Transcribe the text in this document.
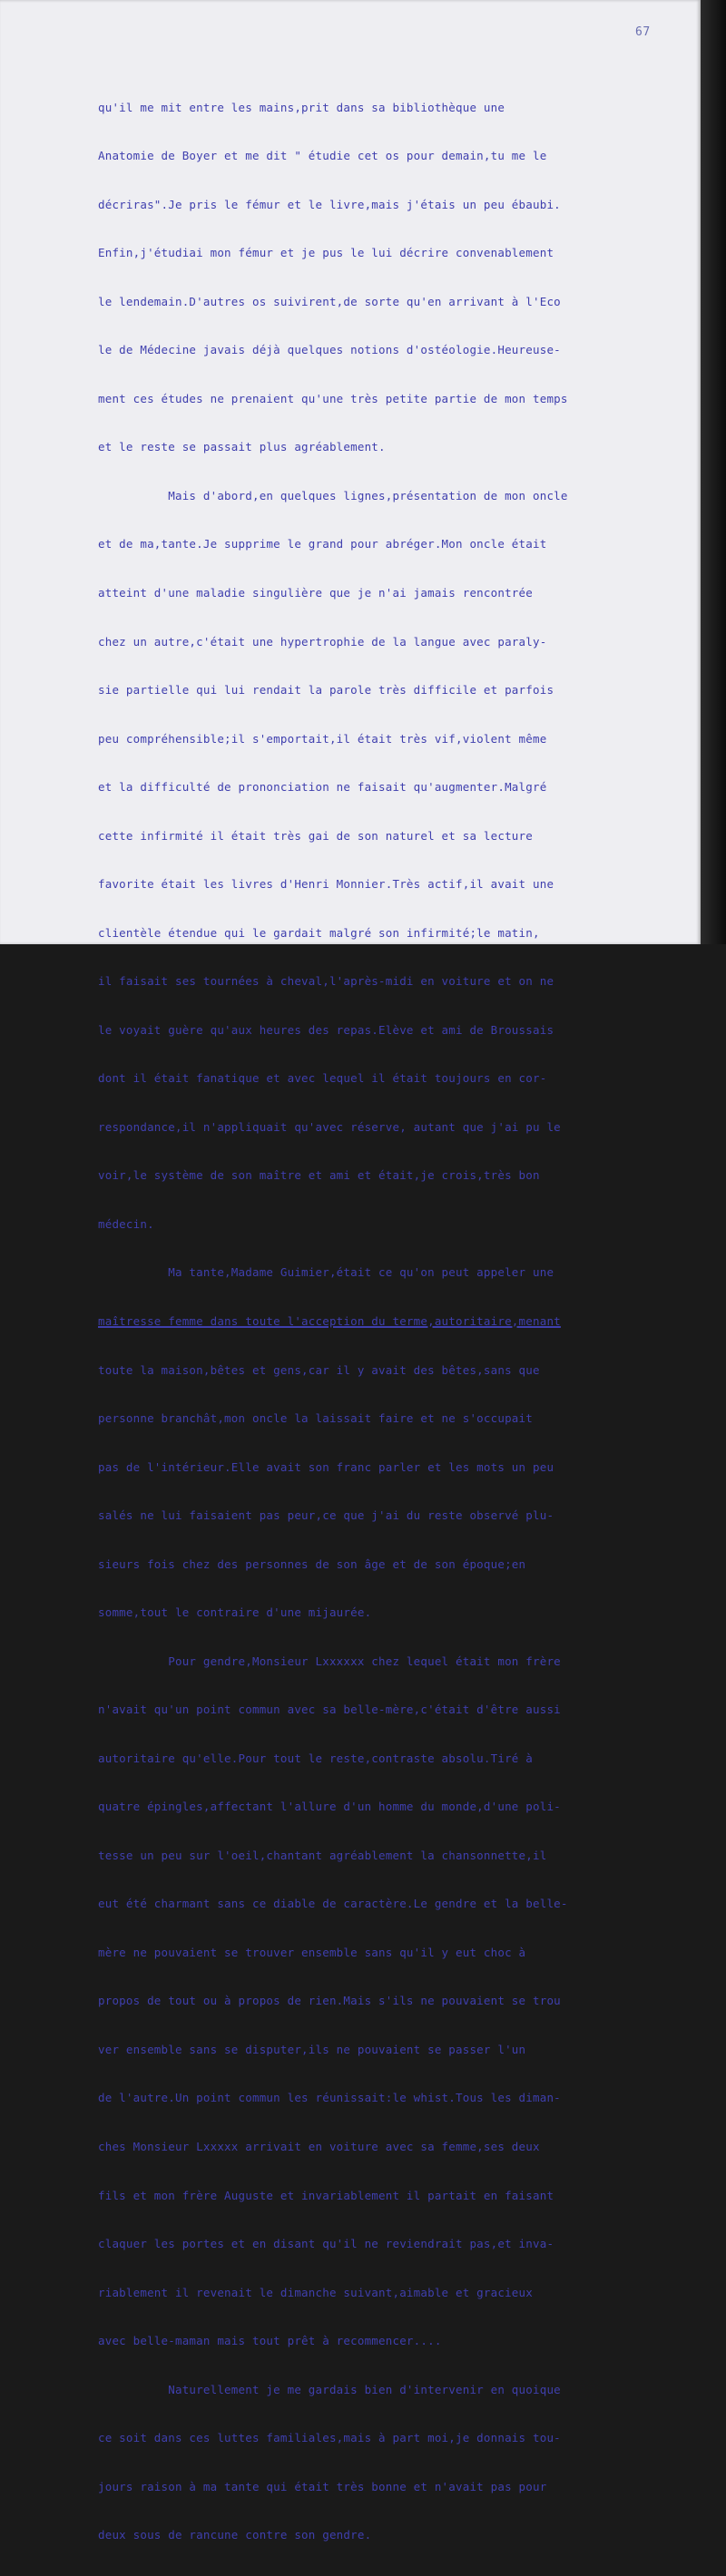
67

qu'il me mit entre les mains,prit dans sa bibliothèque une

Anatomie de Boyer et me dit " étudie cet os pour demain,tu me le

décriras".Je pris le fémur et le livre,mais j'étais un peu ébaubi.

Enfin,j'étudiai mon fémur et je pus le lui décrire convenablement

le lendemain.D'autres os suivirent,de sorte qu'en arrivant à l'Eco

le de Médecine javais déjà quelques notions d'ostéologie.Heureuse-

ment ces études ne prenaient qu'une très petite partie de mon temps

et le reste se passait plus agréablement.

Mais d'abord,en quelques lignes,présentation de mon oncle

et de ma,tante.Je supprime le grand pour abréger.Mon oncle était

atteint d'une maladie singulière que je n'ai jamais rencontrée

chez un autre,c'était une hypertrophie de la langue avec paraly-

sie partielle qui lui rendait la parole très difficile et parfois

peu compréhensible;il s'emportait,il était très vif,violent même

et la difficulté de prononciation ne faisait qu'augmenter.Malgré

cette infirmité il était très gai de son naturel et sa lecture

favorite était les livres d'Henri Monnier.Très actif,il avait une

clientèle étendue qui le gardait malgré son infirmité;le matin,

il faisait ses tournées à cheval,l'après-midi en voiture et on ne

le voyait guère qu'aux heures des repas.Elève et ami de Broussais

dont il était fanatique et avec lequel il était toujours en cor-

respondance,il n'appliquait qu'avec réserve, autant que j'ai pu le

voir,le système de son maître et ami et était,je crois,très bon

médecin.

Ma tante,Madame Guimier,était ce qu'on peut appeler une

maîtresse femme dans toute l'acception du terme,autoritaire,menant

toute la maison,bêtes et gens,car il y avait des bêtes,sans que

personne branchât,mon oncle la laissait faire et ne s'occupait

pas de l'intérieur.Elle avait son franc parler et les mots un peu

salés ne lui faisaient pas peur,ce que j'ai du reste observé plu-

sieurs fois chez des personnes de son âge et de son époque;en

somme,tout le contraire d'une mijaurée.

Pour gendre,Monsieur Lxxxxxx chez lequel était mon frère

n'avait qu'un point commun avec sa belle-mère,c'était d'être aussi

autoritaire qu'elle.Pour tout le reste,contraste absolu.Tiré à

quatre épingles,affectant l'allure d'un homme du monde,d'une poli-

tesse un peu sur l'oeil,chantant agréablement la chansonnette,il

eut été charmant sans ce diable de caractère.Le gendre et la belle-

mère ne pouvaient se trouver ensemble sans qu'il y eut choc à

propos de tout ou à propos de rien.Mais s'ils ne pouvaient se trou

ver ensemble sans se disputer,ils ne pouvaient se passer l'un

de l'autre.Un point commun les réunissait:le whist.Tous les diman-

ches Monsieur Lxxxxx arrivait en voiture avec sa femme,ses deux

fils et mon frère Auguste et invariablement il partait en faisant

claquer les portes et en disant qu'il ne reviendrait pas,et inva-

riablement il revenait le dimanche suivant,aimable et gracieux

avec belle-maman mais tout prêt à recommencer....

Naturellement je me gardais bien d'intervenir en quoique

ce soit dans ces luttes familiales,mais à part moi,je donnais tou-

jours raison à ma tante qui était très bonne et n'avait pas pour

deux sous de rancune contre son gendre.
